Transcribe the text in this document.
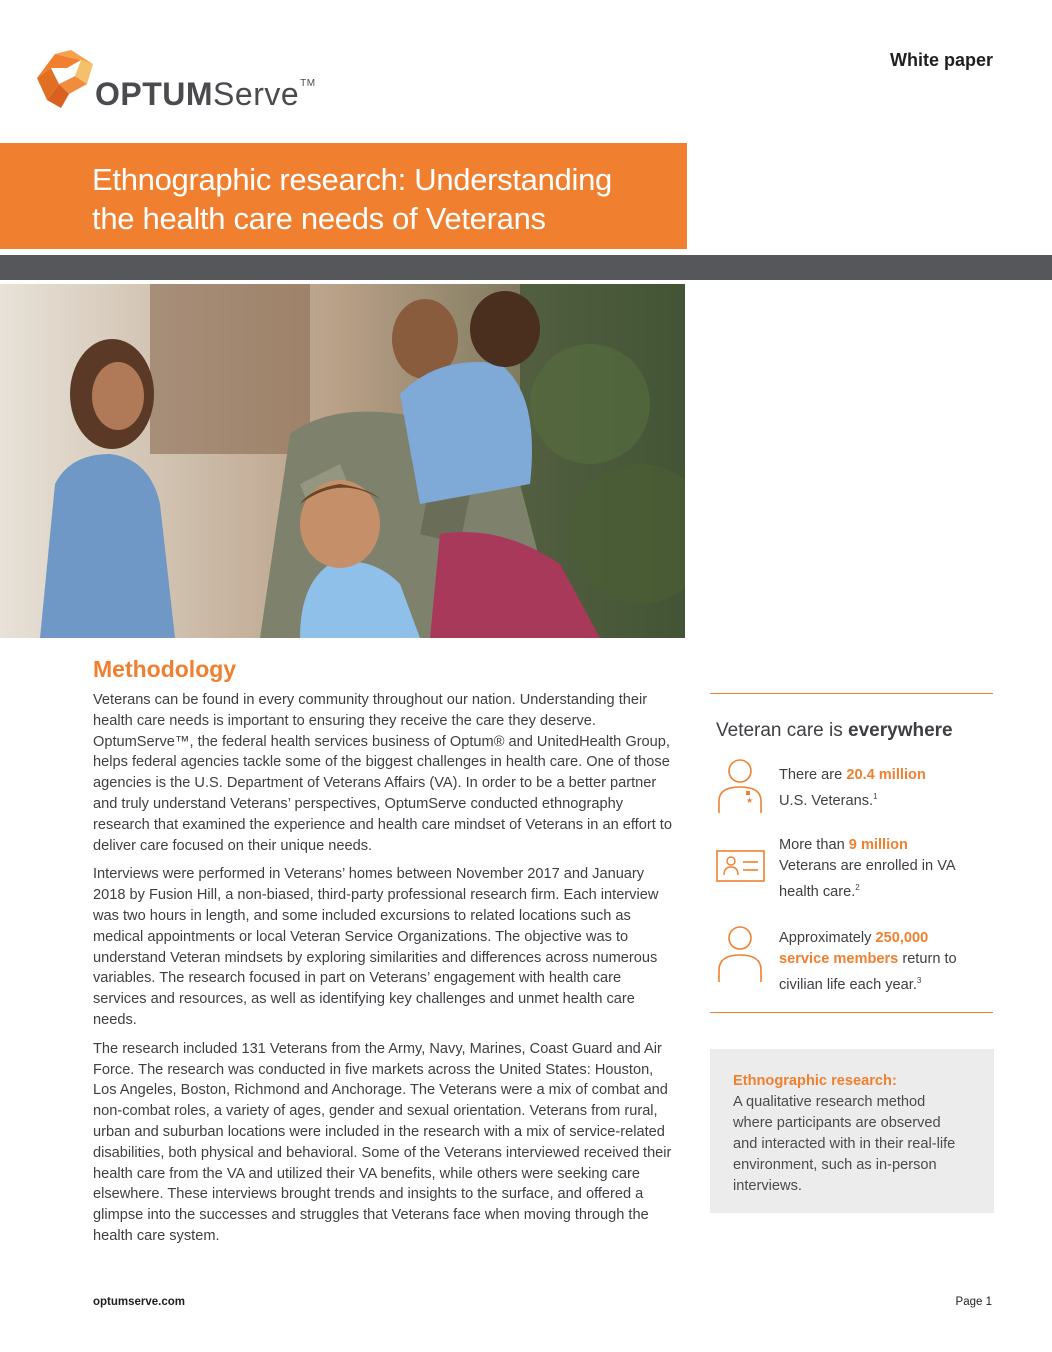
OPTUMServe™
White paper
Ethnographic research: Understanding
the health care needs of Veterans
Methodology

Veterans can be found in every community throughout our nation. Understanding their health care needs is important to ensuring they receive the care they deserve. OptumServe™, the federal health services business of Optum® and UnitedHealth Group, helps federal agencies tackle some of the biggest challenges in health care. One of those agencies is the U.S. Department of Veterans Affairs (VA). In order to be a better partner and truly understand Veterans’ perspectives, OptumServe conducted ethnography research that examined the experience and health care mindset of Veterans in an effort to deliver care focused on their unique needs.

Interviews were performed in Veterans’ homes between November 2017 and January 2018 by Fusion Hill, a non-biased, third-party professional research firm. Each interview was two hours in length, and some included excursions to related locations such as medical appointments or local Veteran Service Organizations. The objective was to understand Veteran mindsets by exploring similarities and differences across numerous variables. The research focused in part on Veterans’ engagement with health care services and resources, as well as identifying key challenges and unmet health care needs.

The research included 131 Veterans from the Army, Navy, Marines, Coast Guard and Air Force. The research was conducted in five markets across the United States: Houston, Los Angeles, Boston, Richmond and Anchorage. The Veterans were a mix of combat and non-combat roles, a variety of ages, gender and sexual orientation. Veterans from rural, urban and suburban locations were included in the research with a mix of service-related disabilities, both physical and behavioral. Some of the Veterans interviewed received their health care from the VA and utilized their VA benefits, while others were seeking care elsewhere. These interviews brought trends and insights to the surface, and offered a glimpse into the successes and struggles that Veterans face when moving through the health care system.

Veteran care is everywhere
★
There are 20.4 million
U.S. Veterans.$^1$
More than 9 million
Veterans are enrolled in VA health care.$^2$
Approximately 250,000 service members return to civilian life each year.$^3$
Ethnographic research:
A qualitative research method where participants are observed and interacted with in their real-life environment, such as in-person interviews.
optumserve.com	Page 1
